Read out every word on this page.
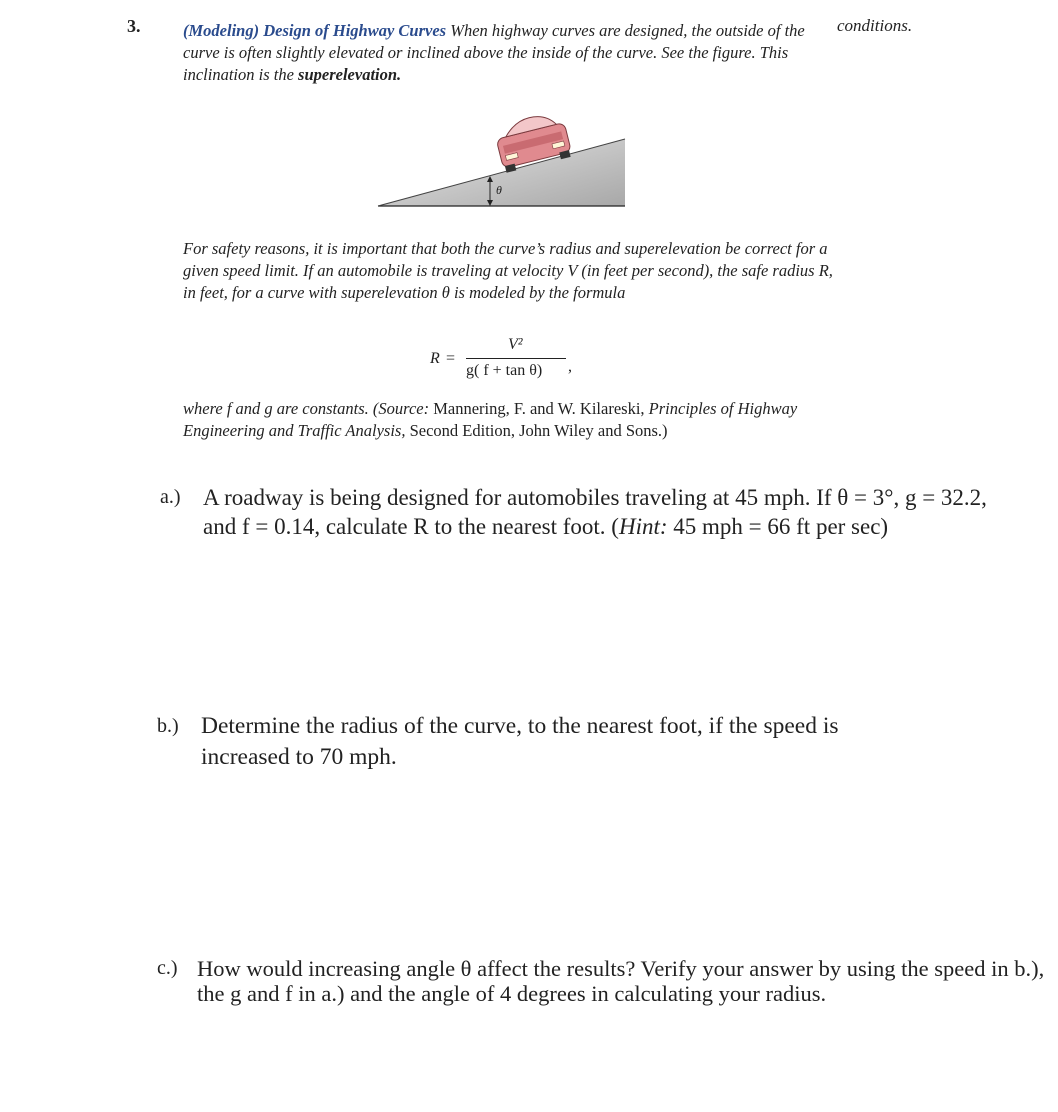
3.	conditions.
(Modeling) Design of Highway Curves When highway curves are designed, the outside of the curve is often slightly elevated or inclined above the inside of the curve. See the figure. This inclination is the superelevation.
θ
For safety reasons, it is important that both the curve’s radius and superelevation be correct for a given speed limit. If an automobile is traveling at velocity V (in feet per second), the safe radius R, in feet, for a curve with superelevation θ is modeled by the formula
R =
V²
g( f + tan θ) ,
where f and g are constants. (Source: Mannering, F. and W. Kilareski, Principles of Highway Engineering and Traffic Analysis, Second Edition, John Wiley and Sons.)
a.) A roadway is being designed for automobiles traveling at 45 mph. If θ = 3°, g = 32.2, and f = 0.14, calculate R to the nearest foot. (Hint: 45 mph = 66 ft per sec)
b.) Determine the radius of the curve, to the nearest foot, if the speed is increased to 70 mph.
c.) How would increasing angle θ affect the results? Verify your answer by using the speed in b.), the g and f in a.) and the angle of 4 degrees in calculating your radius.
